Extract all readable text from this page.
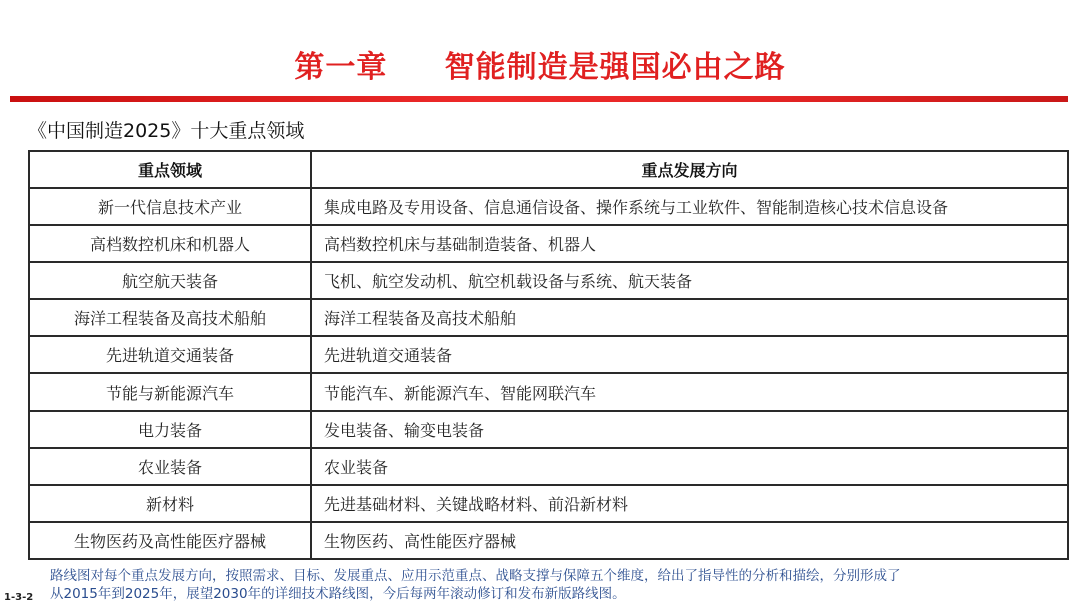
第一章     智能制造是强国必由之路
《中国制造2025》十大重点领域
重点领域	重点发展方向
新一代信息技术产业	集成电路及专用设备、信息通信设备、操作系统与工业软件、智能制造核心技术信息设备
高档数控机床和机器人	高档数控机床与基础制造装备、机器人
航空航天装备	飞机、航空发动机、航空机载设备与系统、航天装备
海洋工程装备及高技术船舶	海洋工程装备及高技术船舶
先进轨道交通装备	先进轨道交通装备
节能与新能源汽车	节能汽车、新能源汽车、智能网联汽车
电力装备	发电装备、输变电装备
农业装备	农业装备
新材料	先进基础材料、关键战略材料、前沿新材料
生物医药及高性能医疗器械	生物医药、高性能医疗器械
路线图对每个重点发展方向，按照需求、目标、发展重点、应用示范重点、战略支撑与保障五个维度，给出了指导性的分析和描绘，分别形成了
从2015年到2025年，展望2030年的详细技术路线图，今后每两年滚动修订和发布新版路线图。
1-3-2
